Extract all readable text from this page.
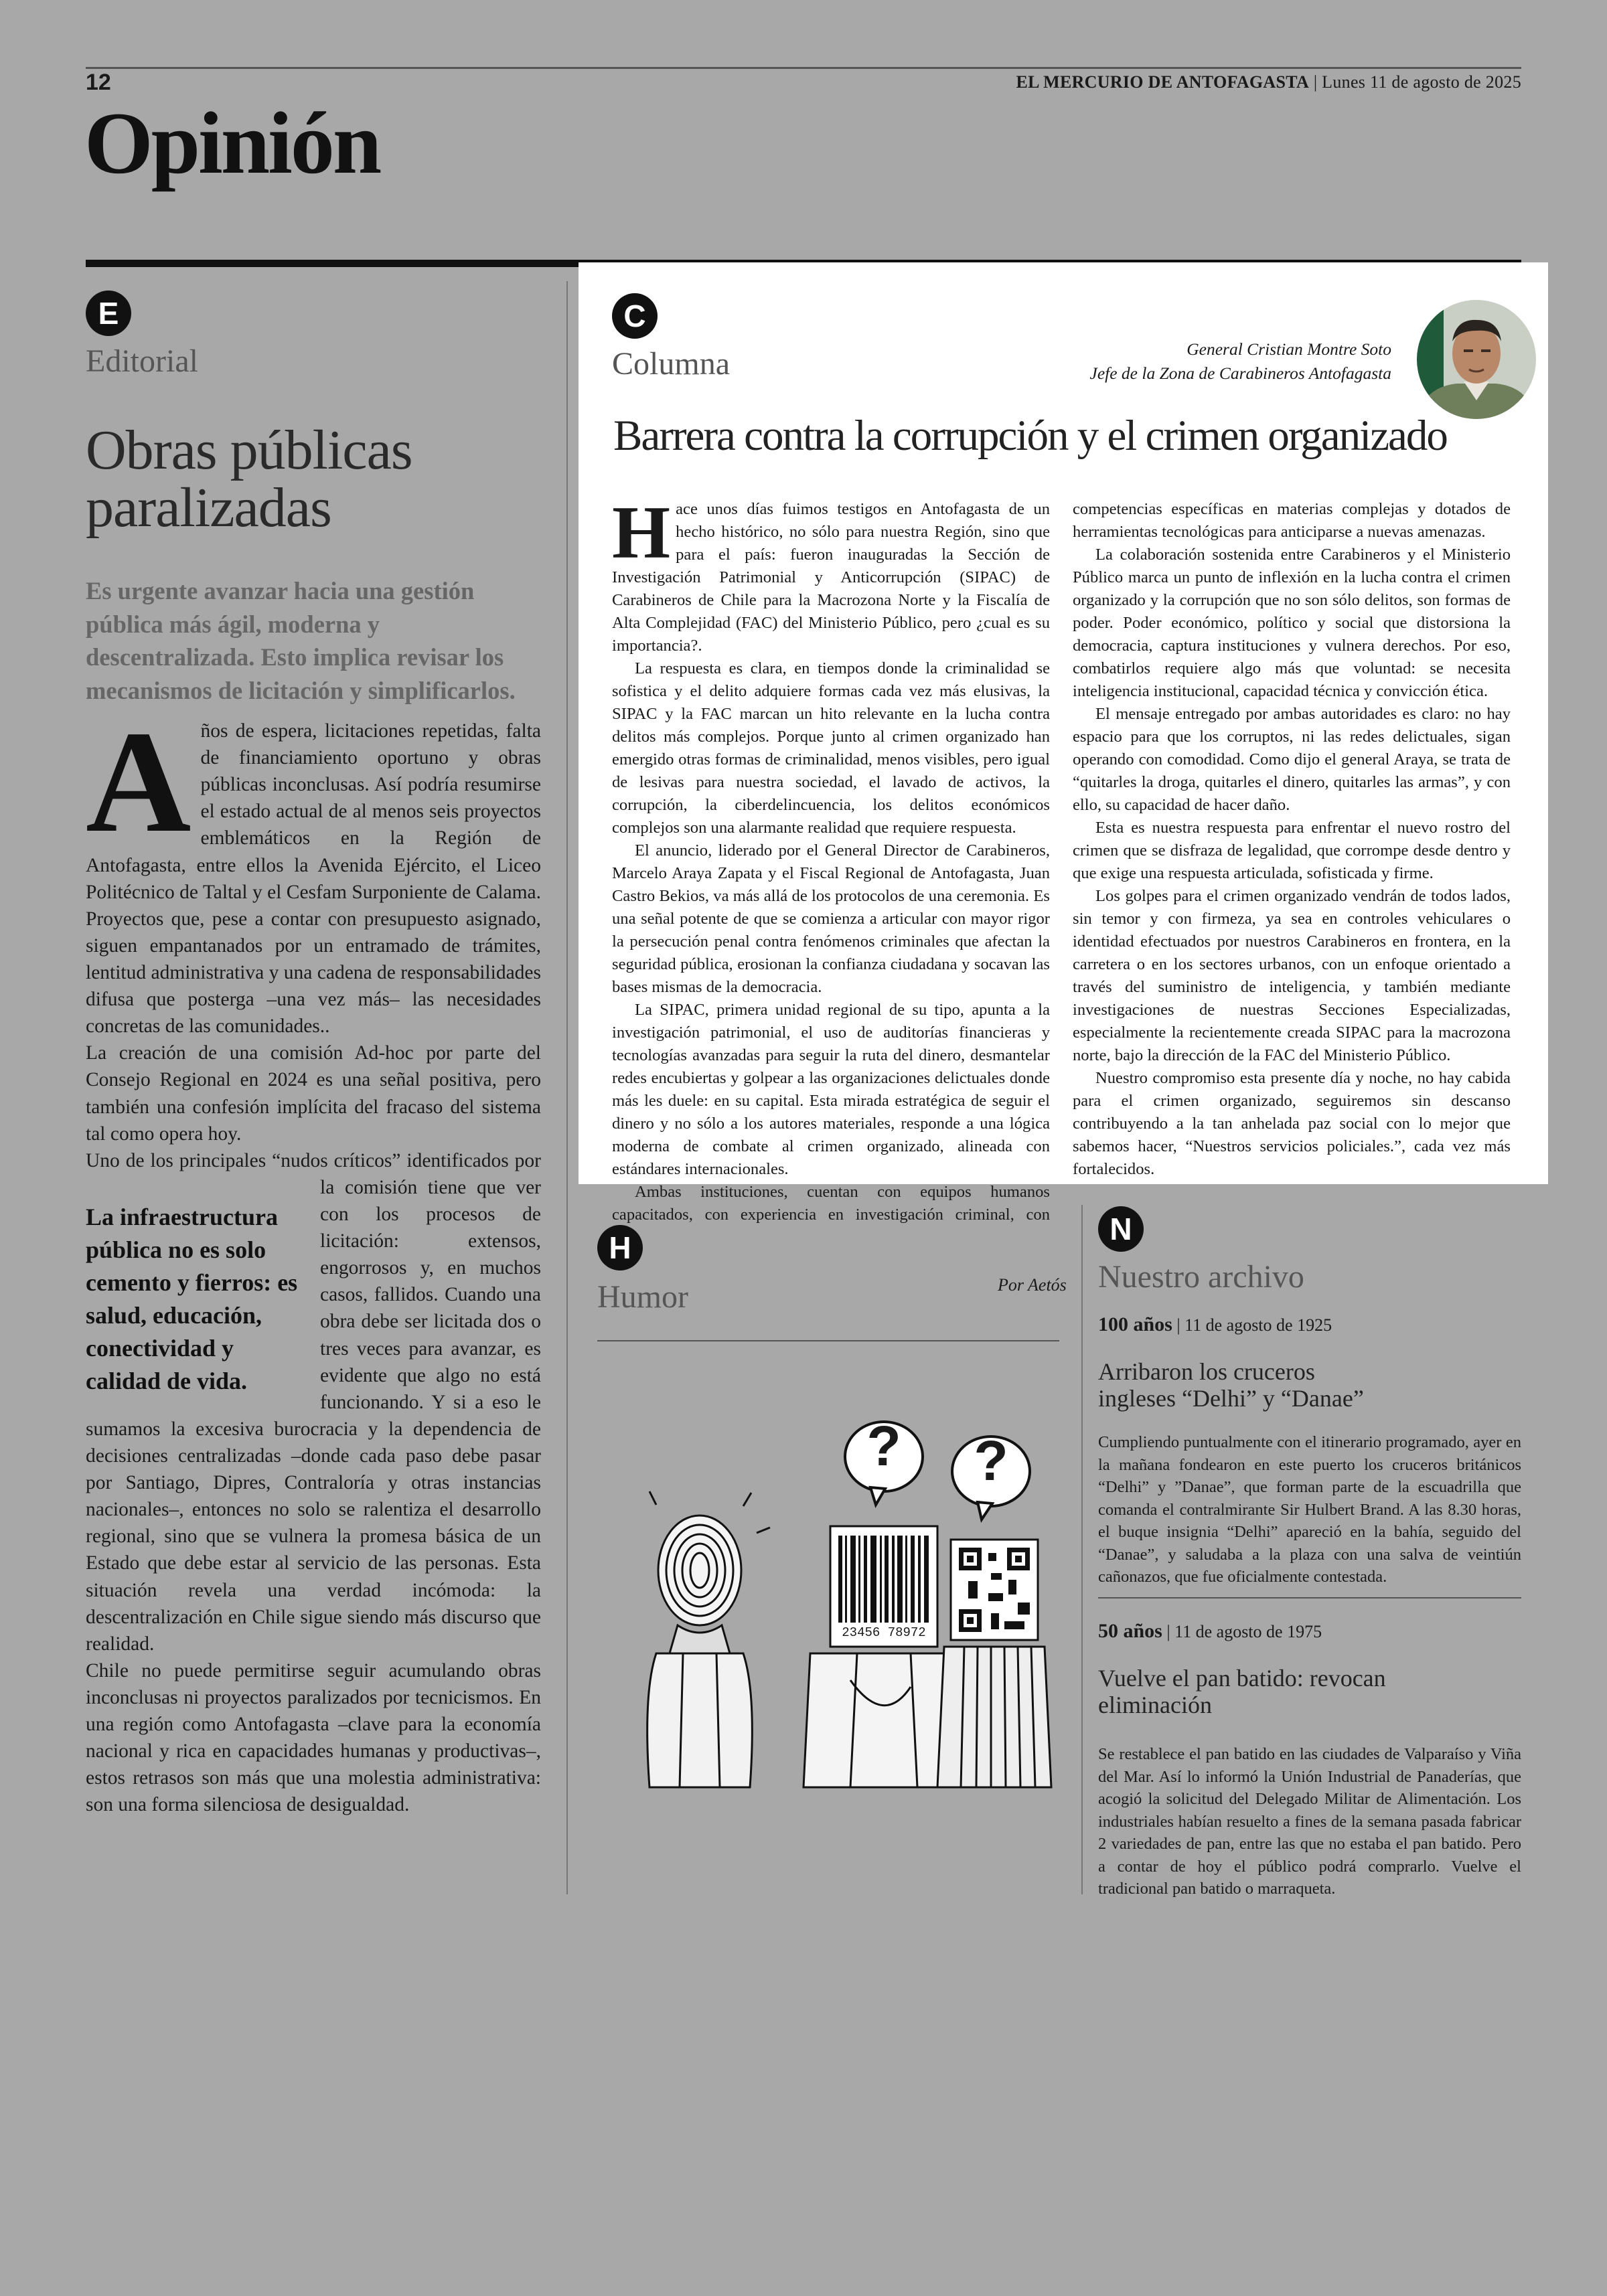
12	EL MERCURIO DE ANTOFAGASTA | Lunes 11 de agosto de 2025
Opinión
E
Editorial
Obras públicas paralizadas
Es urgente avanzar hacia una gestión pública más ágil, moderna y descentralizada. Esto implica revisar los mecanismos de licitación y simplificarlos.

Años de espera, licitaciones repetidas, falta de financiamiento oportuno y obras públicas inconclusas. Así podría resumirse el estado actual de al menos seis proyectos emblemáticos en la Región de Antofagasta, entre ellos la Avenida Ejército, el Liceo Politécnico de Taltal y el Cesfam Surponiente de Calama. Proyectos que, pese a contar con presupuesto asignado, siguen empantanados por un entramado de trámites, lentitud administrativa y una cadena de responsabilidades difusa que posterga –una vez más– las necesidades concretas de las comunidades..

La creación de una comisión Ad-hoc por parte del Consejo Regional en 2024 es una señal positiva, pero también una confesión implícita del fracaso del sistema tal como opera hoy.

Uno de los principales “nudos críticos” identificados
La infraestructura pública no es solo cemento y fierros: es salud, educación, conectividad y calidad de vida.
por la comisión tiene que ver con los procesos de licitación: extensos, engorrosos y, en muchos casos, fallidos. Cuando una obra debe ser licitada dos o tres veces para avanzar, es evidente que algo no está funcionando. Y si a eso le sumamos la excesiva burocracia y la dependencia de decisiones centralizadas –donde cada paso debe pasar por Santiago, Dipres, Contraloría y otras instancias nacionales–, entonces no solo se ralentiza el desarrollo regional, sino que se vulnera la promesa básica de un Estado que debe estar al servicio de las personas. Esta situación revela una verdad incómoda: la descentralización en Chile sigue siendo más discurso que realidad.

Chile no puede permitirse seguir acumulando obras inconclusas ni proyectos paralizados por tecnicismos. En una región como Antofagasta –clave para la economía nacional y rica en capacidades humanas y productivas–, estos retrasos son más que una molestia administrativa: son una forma silenciosa de desigualdad.

C
Columna	General Cristian Montre Soto
Jefe de la Zona de Carabineros Antofagasta
Barrera contra la corrupción y el crimen organizado

Hace unos días fuimos testigos en Antofagasta de un hecho histórico, no sólo para nuestra Región, sino que para el país: fueron inauguradas la Sección de Investigación Patrimonial y Anticorrupción (SIPAC) de Carabineros de Chile para la Macrozona Norte y la Fiscalía de Alta Complejidad (FAC) del Ministerio Público, pero ¿cual es su importancia?.

La respuesta es clara, en tiempos donde la criminalidad se sofistica y el delito adquiere formas cada vez más elusivas, la SIPAC y la FAC marcan un hito relevante en la lucha contra delitos más complejos. Porque junto al crimen organizado han emergido otras formas de criminalidad, menos visibles, pero igual de lesivas para nuestra sociedad, el lavado de activos, la corrupción, la ciberdelincuencia, los delitos económicos complejos son una alarmante realidad que requiere respuesta.

El anuncio, liderado por el General Director de Carabineros, Marcelo Araya Zapata y el Fiscal Regional de Antofagasta, Juan Castro Bekios, va más allá de los protocolos de una ceremonia. Es una señal potente de que se comienza a articular con mayor rigor la persecución penal contra fenómenos criminales que afectan la seguridad pública, erosionan la confianza ciudadana y socavan las bases mismas de la democracia.

La SIPAC, primera unidad regional de su tipo, apunta a la investigación patrimonial, el uso de auditorías financieras y tecnologías avanzadas para seguir la ruta del dinero, desmantelar redes encubiertas y golpear a las organizaciones delictuales donde más les duele: en su capital. Esta mirada estratégica de seguir el dinero y no sólo a los autores materiales, responde a una lógica moderna de combate al crimen organizado, alineada con estándares internacionales.

Ambas instituciones, cuentan con equipos humanos capacitados, con experiencia en investigación criminal, con competencias específicas en materias complejas y dotados de herramientas tecnológicas para anticiparse a nuevas amenazas.

La colaboración sostenida entre Carabineros y el Ministerio Público marca un punto de inflexión en la lucha contra el crimen organizado y la corrupción que no son sólo delitos, son formas de poder. Poder económico, político y social que distorsiona la democracia, captura instituciones y vulnera derechos. Por eso, combatirlos requiere algo más que voluntad: se necesita inteligencia institucional, capacidad técnica y convicción ética.

El mensaje entregado por ambas autoridades es claro: no hay espacio para que los corruptos, ni las redes delictuales, sigan operando con comodidad. Como dijo el general Araya, se trata de “quitarles la droga, quitarles el dinero, quitarles las armas”, y con ello, su capacidad de hacer daño.

Esta es nuestra respuesta para enfrentar el nuevo rostro del crimen que se disfraza de legalidad, que corrompe desde dentro y que exige una respuesta articulada, sofisticada y firme.

Los golpes para el crimen organizado vendrán de todos lados, sin temor y con firmeza, ya sea en controles vehiculares o identidad efectuados por nuestros Carabineros en frontera, en la carretera o en los sectores urbanos, con un enfoque orientado a través del suministro de inteligencia, y también mediante investigaciones de nuestras Secciones Especializadas, especialmente la recientemente creada SIPAC para la macrozona norte, bajo la dirección de la FAC del Ministerio Público.

Nuestro compromiso esta presente día y noche, no hay cabida para el crimen organizado, seguiremos sin descanso contribuyendo a la tan anhelada paz social con lo mejor que sabemos hacer, “Nuestros servicios policiales.”, cada vez más fortalecidos.

H
Humor	Por Aetós
? ?
23456 78972
N
Nuestro archivo
100 años | 11 de agosto de 1925
Arribaron los cruceros ingleses “Delhi” y “Danae”
Cumpliendo puntualmente con el itinerario programado, ayer en la mañana fondearon en este puerto los cruceros británicos “Delhi” y ”Danae”, que forman parte de la escuadrilla que comanda el contralmirante Sir Hulbert Brand. A las 8.30 horas, el buque insignia “Delhi” apareció en la bahía, seguido del “Danae”, y saludaba a la plaza con una salva de veintiún cañonazos, que fue oficialmente contestada.
50 años | 11 de agosto de 1975
Vuelve el pan batido: revocan eliminación
Se restablece el pan batido en las ciudades de Valparaíso y Viña del Mar. Así lo informó la Unión Industrial de Panaderías, que acogió la solicitud del Delegado Militar de Alimentación. Los industriales habían resuelto a fines de la semana pasada fabricar 2 variedades de pan, entre las que no estaba el pan batido. Pero a contar de hoy el público podrá comprarlo. Vuelve el tradicional pan batido o marraqueta.
